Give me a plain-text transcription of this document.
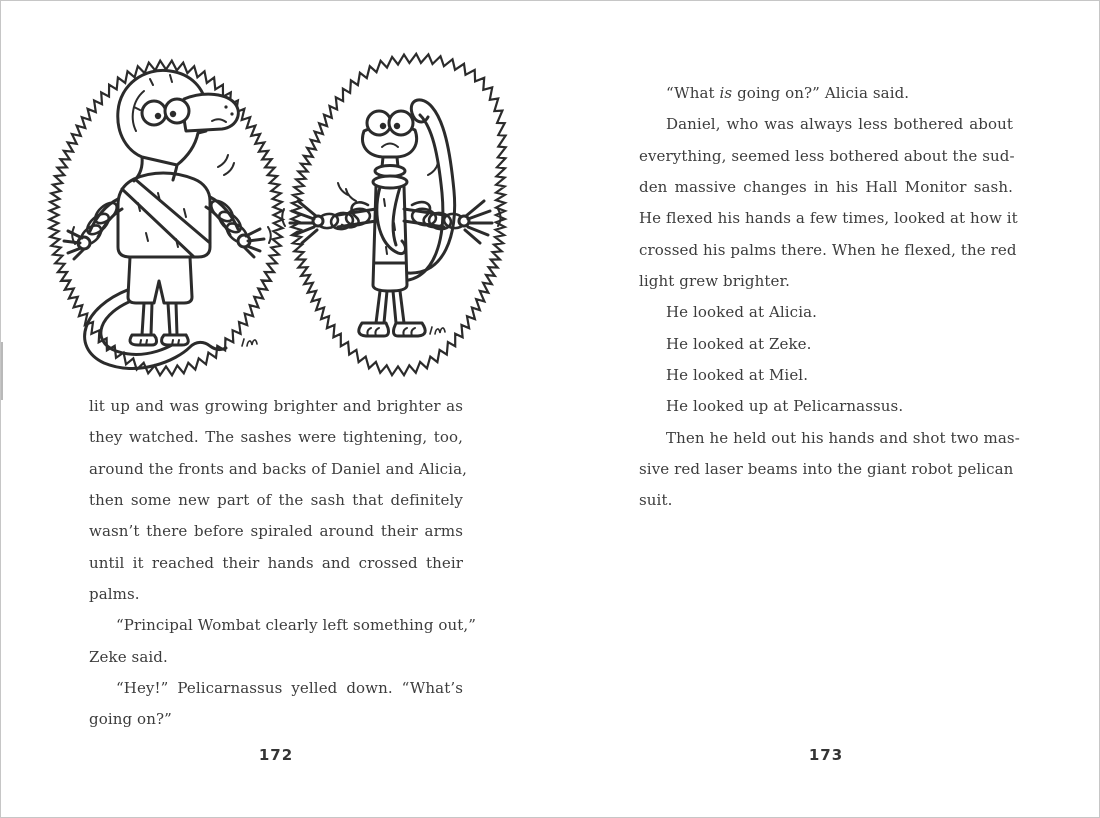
lit up and was growing brighter and brighter as
they watched. The sashes were tightening, too,
around the fronts and backs of Daniel and Alicia,
then some new part of the sash that definitely
wasn’t there before spiraled around their arms
until it reached their hands and crossed their
palms.
“Principal Wombat clearly left something out,”
Zeke said.
“Hey!” Pelicarnassus yelled down. “What’s
going on?”
“What is going on?” Alicia said.
Daniel, who was always less bothered about
everything, seemed less bothered about the sud-
den massive changes in his Hall Monitor sash.
He flexed his hands a few times, looked at how it
crossed his palms there. When he flexed, the red
light grew brighter.
He looked at Alicia.
He looked at Zeke.
He looked at Miel.
He looked up at Pelicarnassus.
Then he held out his hands and shot two mas-
sive red laser beams into the giant robot pelican
suit.
172	173
